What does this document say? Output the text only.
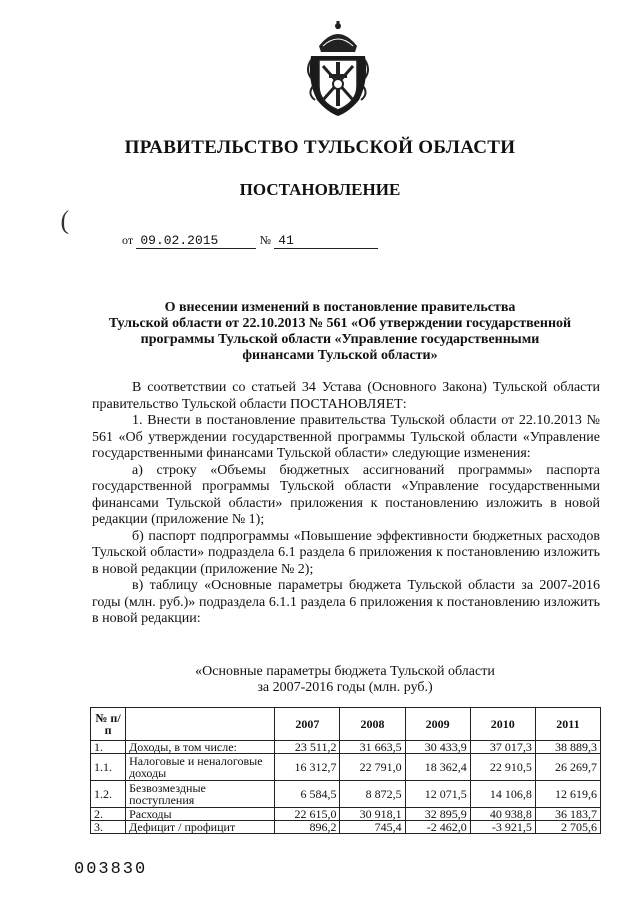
ПРАВИТЕЛЬСТВО ТУЛЬСКОЙ ОБЛАСТИ
ПОСТАНОВЛЕНИЕ
(
от 09.02.2015	№ 41
О внесении изменений в постановление правительства
Тульской области от 22.10.2013 № 561 «Об утверждении государственной
программы Тульской области «Управление государственными
финансами Тульской области»

В соответствии со статьей 34 Устава (Основного Закона) Тульской области правительство Тульской области ПОСТАНОВЛЯЕТ:

1. Внести в постановление правительства Тульской области от 22.10.2013 № 561 «Об утверждении государственной программы Тульской области «Управление государственными финансами Тульской области» следующие изменения:

а) строку «Объемы бюджетных ассигнований программы» паспорта государственной программы Тульской области «Управление государственными финансами Тульской области» приложения к постановлению изложить в новой редакции (приложение № 1);

б) паспорт подпрограммы «Повышение эффективности бюджетных расходов Тульской области» подраздела 6.1 раздела 6 приложения к постановлению изложить в новой редакции (приложение № 2);

в) таблицу «Основные параметры бюджета Тульской области за 2007-2016 годы (млн. руб.)» подраздела 6.1.1 раздела 6 приложения к постановлению изложить в новой редакции:

«Основные параметры бюджета Тульской области
за 2007-2016 годы (млн. руб.)
№ п/п		2007	2008	2009	2010	2011
1.	Доходы, в том числе:	23 511,2	31 663,5	30 433,9	37 017,3	38 889,3
1.1.	Налоговые и неналоговые доходы	16 312,7	22 791,0	18 362,4	22 910,5	26 269,7
1.2.	Безвозмездные поступления	6 584,5	8 872,5	12 071,5	14 106,8	12 619,6
2.	Расходы	22 615,0	30 918,1	32 895,9	40 938,8	36 183,7
3.	Дефицит / профицит	896,2	745,4	-2 462,0	-3 921,5	2 705,6
003830
